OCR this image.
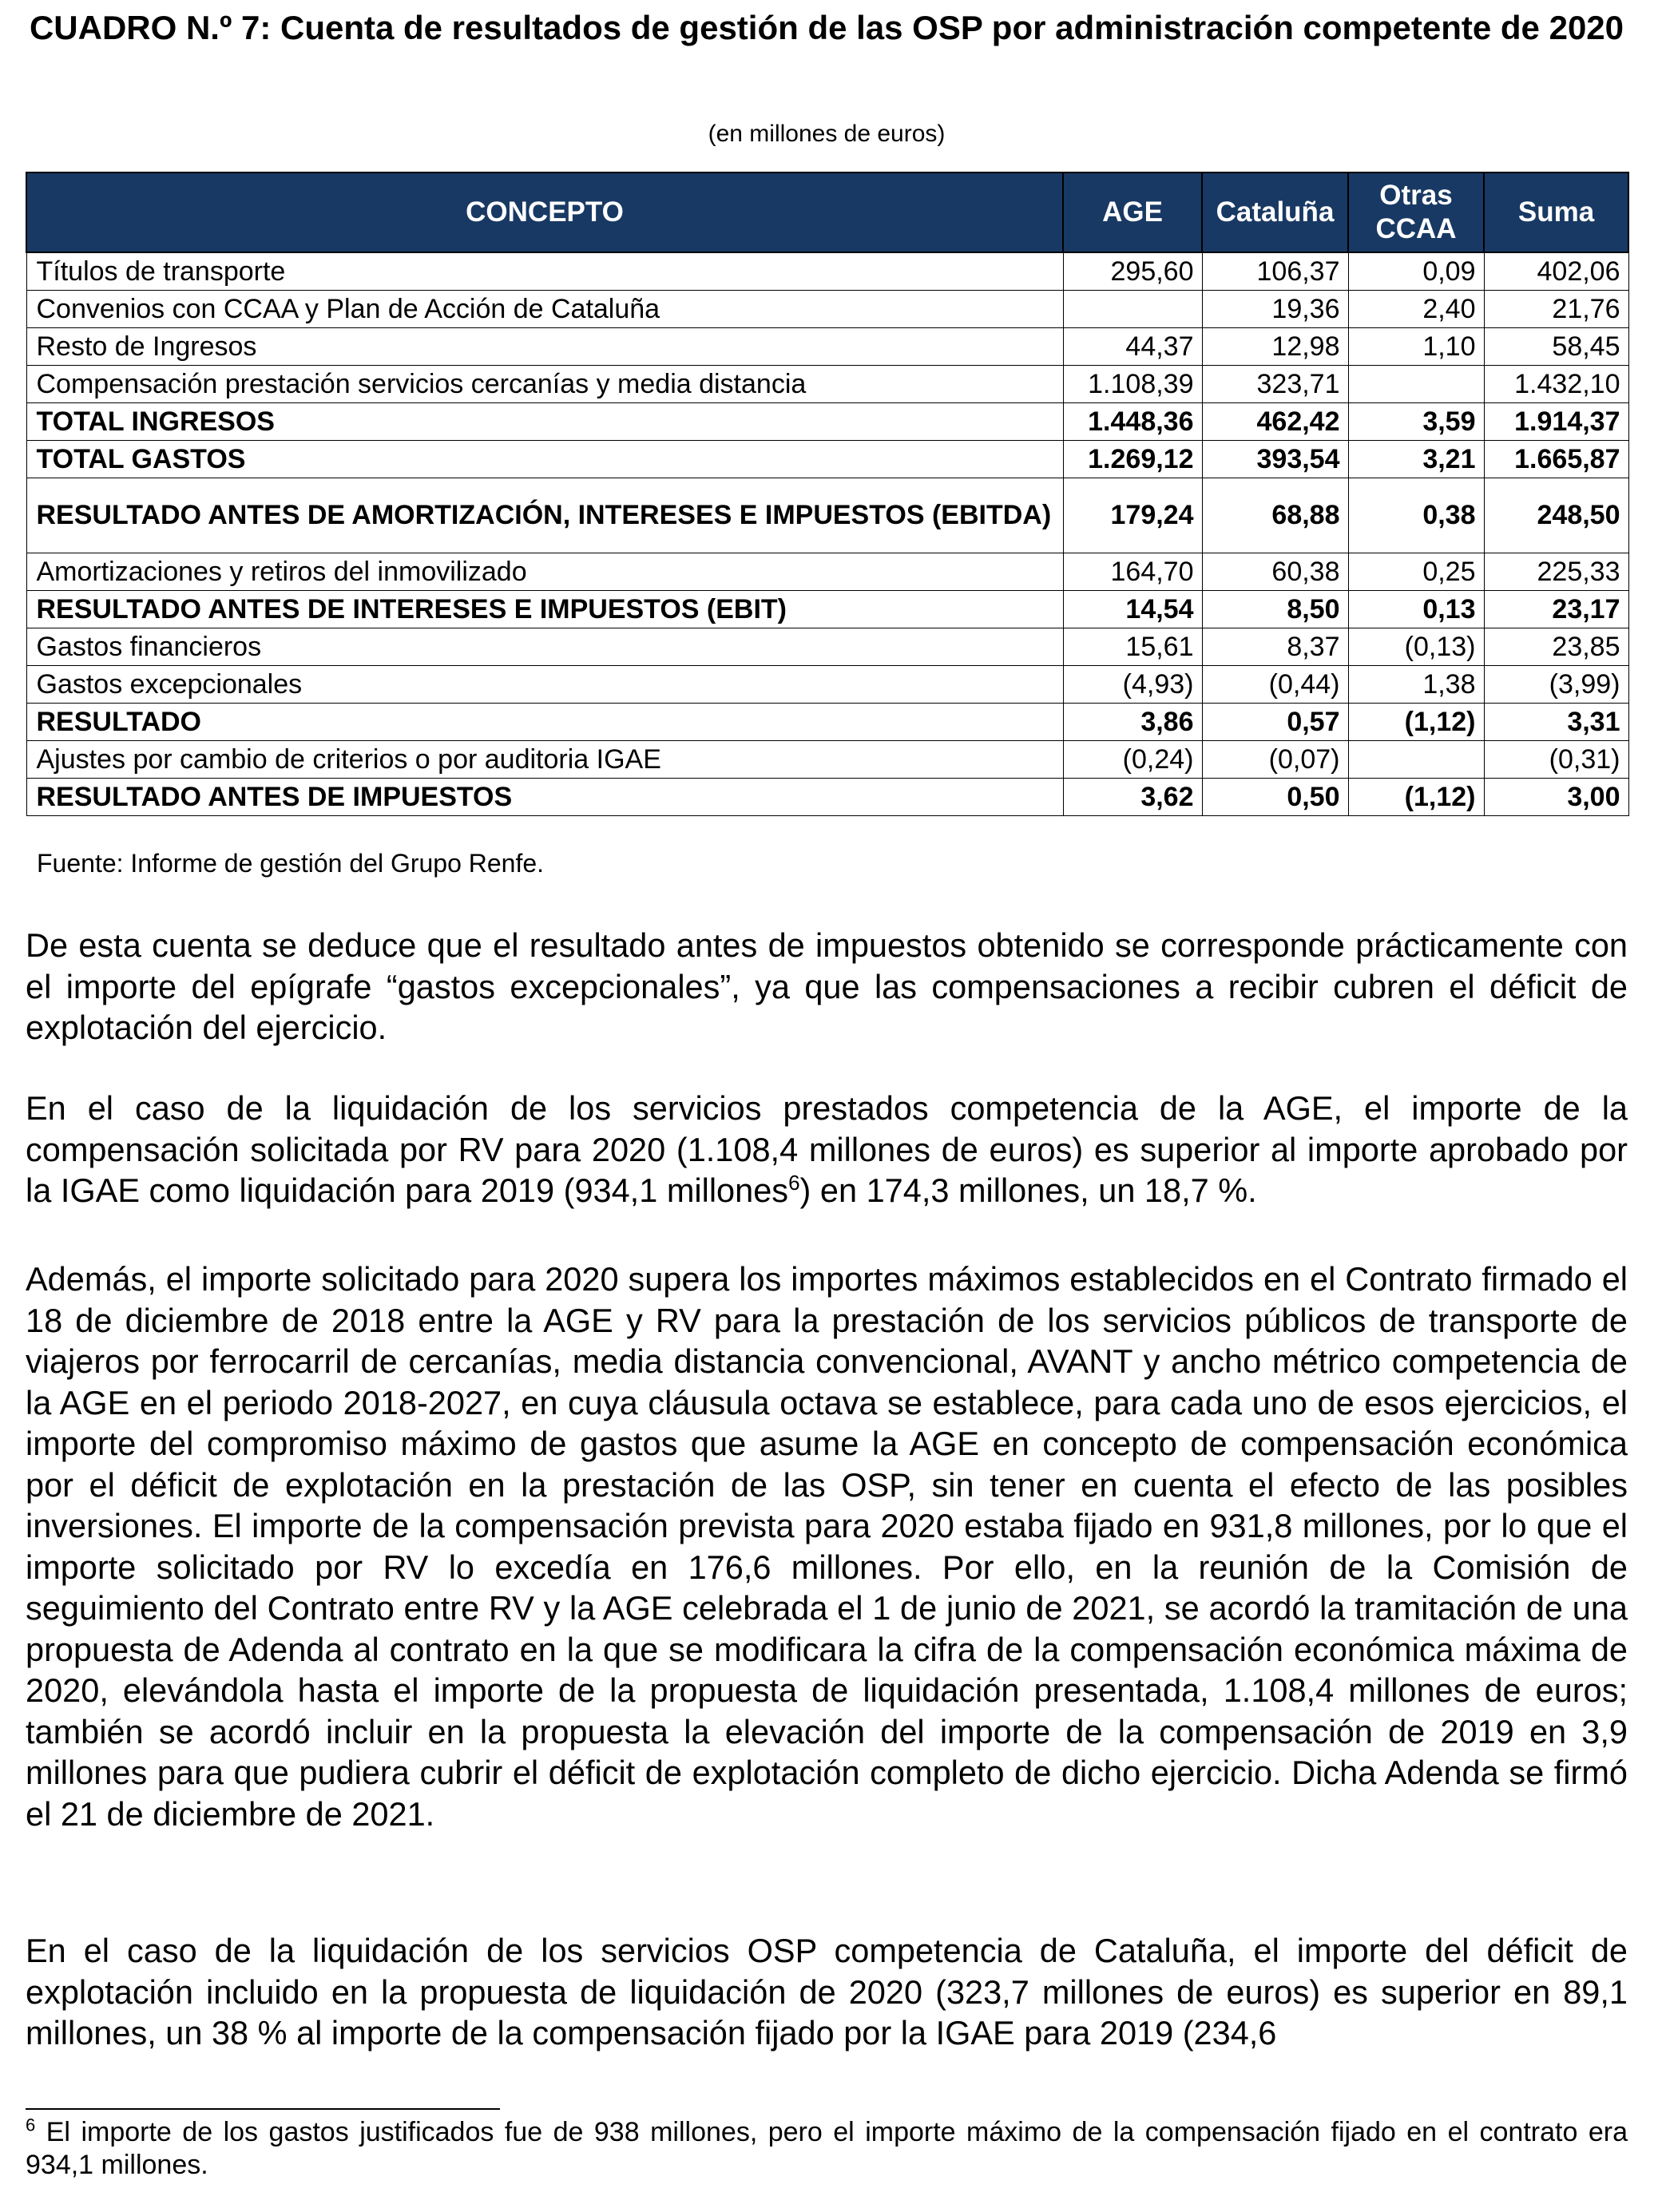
CUADRO N.º 7: Cuenta de resultados de gestión de las OSP por administración competente de 2020
(en millones de euros)
CONCEPTO	AGE	Cataluña	Otras CCAA	Suma
Títulos de transporte	295,60	106,37	0,09	402,06
Convenios con CCAA y Plan de Acción de Cataluña		19,36	2,40	21,76
Resto de Ingresos	44,37	12,98	1,10	58,45
Compensación prestación servicios cercanías y media distancia	1.108,39	323,71		1.432,10
TOTAL INGRESOS	1.448,36	462,42	3,59	1.914,37
TOTAL GASTOS	1.269,12	393,54	3,21	1.665,87
RESULTADO ANTES DE AMORTIZACIÓN, INTERESES E IMPUESTOS (EBITDA)	179,24	68,88	0,38	248,50
Amortizaciones y retiros del inmovilizado	164,70	60,38	0,25	225,33
RESULTADO ANTES DE INTERESES E IMPUESTOS (EBIT)	14,54	8,50	0,13	23,17
Gastos financieros	15,61	8,37	(0,13)	23,85
Gastos excepcionales	(4,93)	(0,44)	1,38	(3,99)
RESULTADO	3,86	0,57	(1,12)	3,31
Ajustes por cambio de criterios o por auditoria IGAE	(0,24)	(0,07)		(0,31)
RESULTADO ANTES DE IMPUESTOS	3,62	0,50	(1,12)	3,00
Fuente: Informe de gestión del Grupo Renfe.

De esta cuenta se deduce que el resultado antes de impuestos obtenido se corresponde prácticamente con el importe del epígrafe “gastos excepcionales”, ya que las compensaciones a recibir cubren el déficit de explotación del ejercicio.

En el caso de la liquidación de los servicios prestados competencia de la AGE, el importe de la compensación solicitada por RV para 2020 (1.108,4 millones de euros) es superior al importe aprobado por la IGAE como liquidación para 2019 (934,1 millones$^6$) en 174,3 millones, un 18,7 %.

Además, el importe solicitado para 2020 supera los importes máximos establecidos en el Contrato firmado el 18 de diciembre de 2018 entre la AGE y RV para la prestación de los servicios públicos de transporte de viajeros por ferrocarril de cercanías, media distancia convencional, AVANT y ancho métrico competencia de la AGE en el periodo 2018-2027, en cuya cláusula octava se establece, para cada uno de esos ejercicios, el importe del compromiso máximo de gastos que asume la AGE en concepto de compensación económica por el déficit de explotación en la prestación de las OSP, sin tener en cuenta el efecto de las posibles inversiones. El importe de la compensación prevista para 2020 estaba fijado en 931,8 millones, por lo que el importe solicitado por RV lo excedía en 176,6 millones. Por ello, en la reunión de la Comisión de seguimiento del Contrato entre RV y la AGE celebrada el 1 de junio de 2021, se acordó la tramitación de una propuesta de Adenda al contrato en la que se modificara la cifra de la compensación económica máxima de 2020, elevándola hasta el importe de la propuesta de liquidación presentada, 1.108,4 millones de euros; también se acordó incluir en la propuesta la elevación del importe de la compensación de 2019 en 3,9 millones para que pudiera cubrir el déficit de explotación completo de dicho ejercicio. Dicha Adenda se firmó el 21 de diciembre de 2021.

En el caso de la liquidación de los servicios OSP competencia de Cataluña, el importe del déficit de explotación incluido en la propuesta de liquidación de 2020 (323,7 millones de euros) es superior en 89,1 millones, un 38 % al importe de la compensación fijado por la IGAE para 2019 (234,6

$^6$ El importe de los gastos justificados fue de 938 millones, pero el importe máximo de la compensación fijado en el contrato era 934,1 millones.
